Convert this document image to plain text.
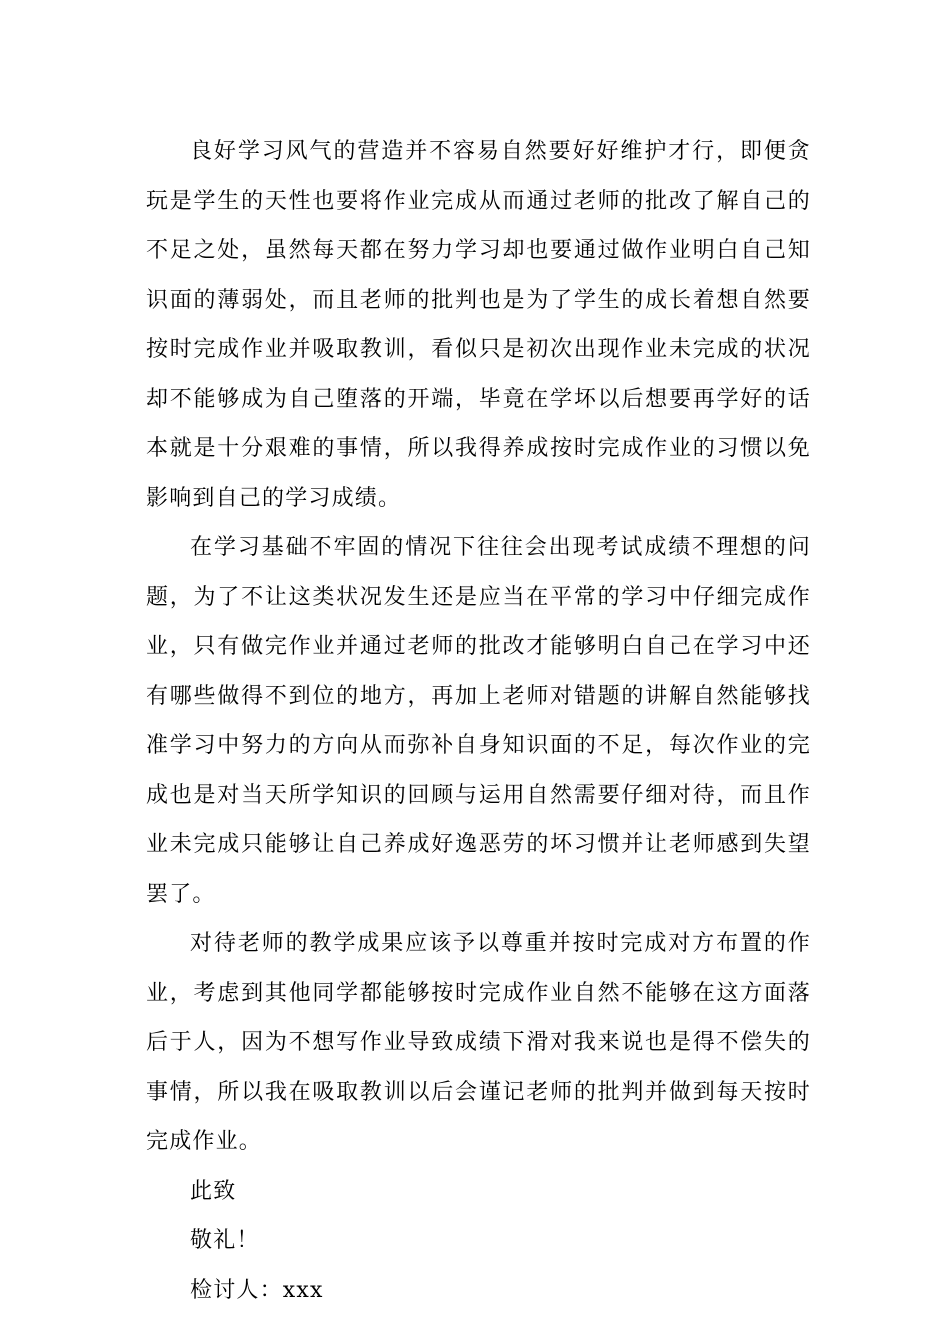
良好学习风气的营造并不容易自然要好好维护才行，即便贪玩是学生的天性也要将作业完成从而通过老师的批改了解自己的不足之处，虽然每天都在努力学习却也要通过做作业明白自己知识面的薄弱处，而且老师的批判也是为了学生的成长着想自然要按时完成作业并吸取教训，看似只是初次出现作业未完成的状况却不能够成为自己堕落的开端，毕竟在学坏以后想要再学好的话本就是十分艰难的事情，所以我得养成按时完成作业的习惯以免影响到自己的学习成绩。

在学习基础不牢固的情况下往往会出现考试成绩不理想的问题，为了不让这类状况发生还是应当在平常的学习中仔细完成作业，只有做完作业并通过老师的批改才能够明白自己在学习中还有哪些做得不到位的地方，再加上老师对错题的讲解自然能够找准学习中努力的方向从而弥补自身知识面的不足，每次作业的完成也是对当天所学知识的回顾与运用自然需要仔细对待，而且作业未完成只能够让自己养成好逸恶劳的坏习惯并让老师感到失望罢了。

对待老师的教学成果应该予以尊重并按时完成对方布置的作业，考虑到其他同学都能够按时完成作业自然不能够在这方面落后于人，因为不想写作业导致成绩下滑对我来说也是得不偿失的事情，所以我在吸取教训以后会谨记老师的批判并做到每天按时完成作业。

此致

敬礼！

检讨人：xxx
